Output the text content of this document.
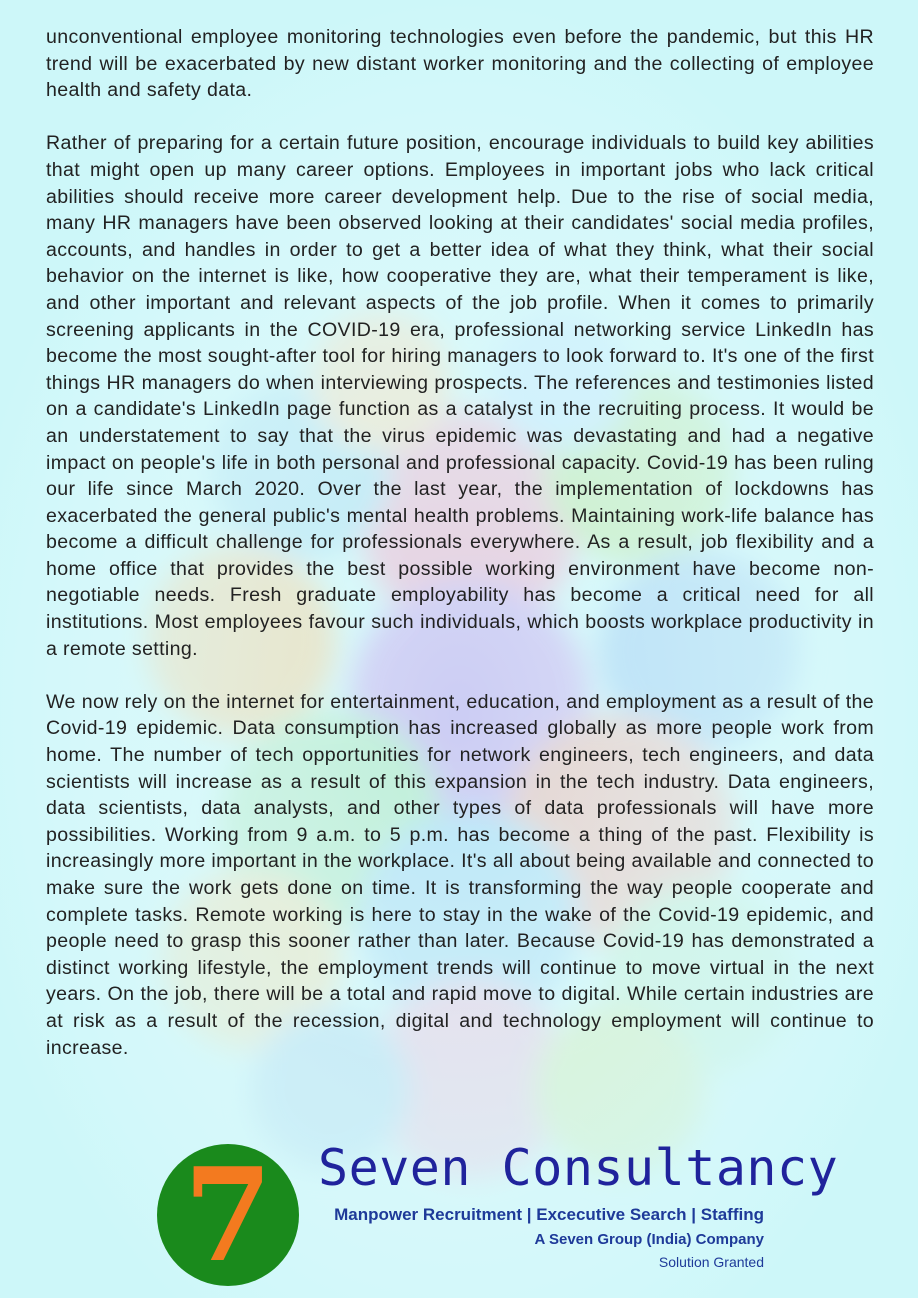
unconventional employee monitoring technologies even before the pandemic, but this HR trend will be exacerbated by new distant worker monitoring and the collecting of employee health and safety data.

Rather of preparing for a certain future position, encourage individuals to build key abilities that might open up many career options. Employees in important jobs who lack critical abilities should receive more career development help. Due to the rise of social media, many HR managers have been observed looking at their candidates' social media profiles, accounts, and handles in order to get a better idea of what they think, what their social behavior on the internet is like, how cooperative they are, what their temperament is like, and other important and relevant aspects of the job profile. When it comes to primarily screening applicants in the COVID-19 era, professional networking service LinkedIn has become the most sought-after tool for hiring managers to look forward to. It's one of the first things HR managers do when interviewing prospects. The references and testimonies listed on a candidate's LinkedIn page function as a catalyst in the recruiting process. It would be an understatement to say that the virus epidemic was devastating and had a negative impact on people's life in both personal and professional capacity. Covid-19 has been ruling our life since March 2020. Over the last year, the implementation of lockdowns has exacerbated the general public's mental health problems. Maintaining work-life balance has become a difficult challenge for professionals everywhere. As a result, job flexibility and a home office that provides the best possible working environment have become non-negotiable needs. Fresh graduate employability has become a critical need for all institutions. Most employees favour such individuals, which boosts workplace productivity in a remote setting.

We now rely on the internet for entertainment, education, and employment as a result of the Covid-19 epidemic. Data consumption has increased globally as more people work from home. The number of tech opportunities for network engineers, tech engineers, and data scientists will increase as a result of this expansion in the tech industry. Data engineers, data scientists, data analysts, and other types of data professionals will have more possibilities. Working from 9 a.m. to 5 p.m. has become a thing of the past. Flexibility is increasingly more important in the workplace. It's all about being available and connected to make sure the work gets done on time. It is transforming the way people cooperate and complete tasks. Remote working is here to stay in the wake of the Covid-19 epidemic, and people need to grasp this sooner rather than later. Because Covid-19 has demonstrated a distinct working lifestyle, the employment trends will continue to move virtual in the next years. On the job, there will be a total and rapid move to digital. While certain industries are at risk as a result of the recession, digital and technology employment will continue to increase.

7 Seven Consultancy
Manpower Recruitment | Excecutive Search | Staffing
A Seven Group (India) Company
Solution Granted
